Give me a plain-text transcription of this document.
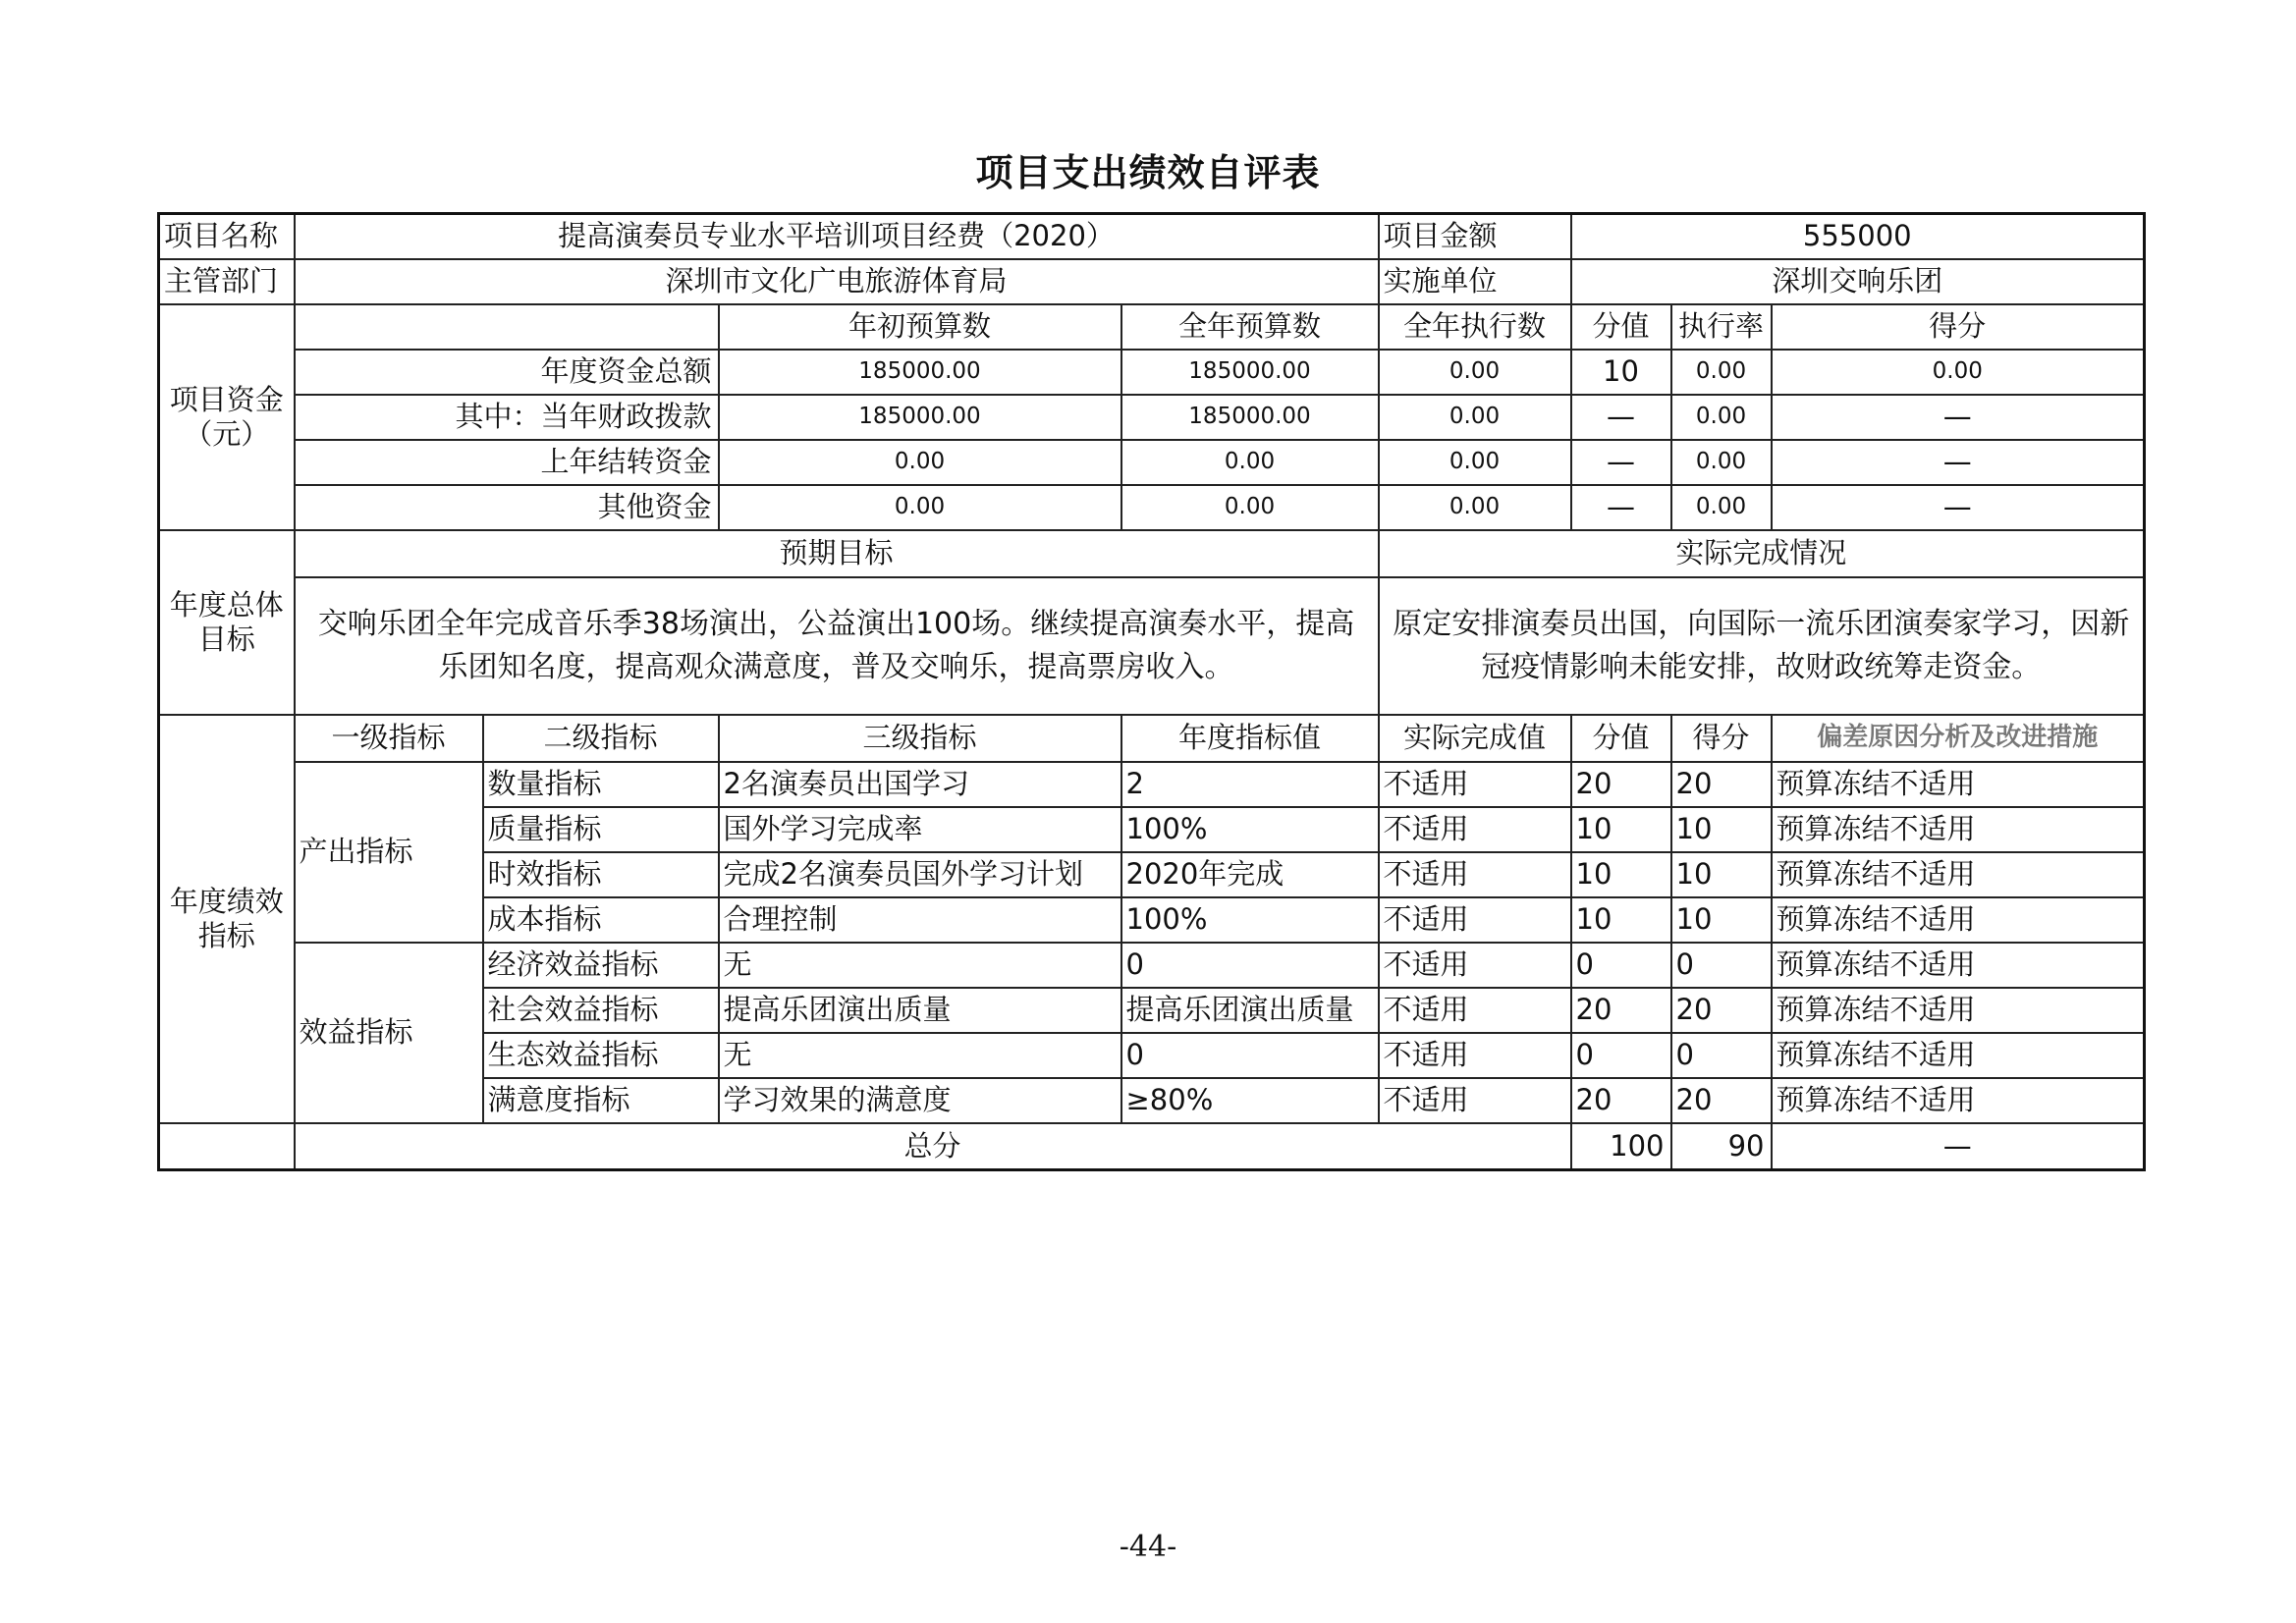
项目支出绩效自评表
项目名称	提高演奏员专业水平培训项目经费（2020）				项目金额	555000		
主管部门	深圳市文化广电旅游体育局				实施单位	深圳交响乐团		
项目资金（元）			年初预算数	全年预算数	全年执行数	分值	执行率	得分
	年度资金总额		185000.00	185000.00	0.00	10	0.00	0.00
	其中：当年财政拨款		185000.00	185000.00	0.00	—	0.00	—
	上年结转资金		0.00	0.00	0.00	—	0.00	—
	其他资金		0.00	0.00	0.00	—	0.00	—
年度总体目标	预期目标				实际完成情况			
	交响乐团全年完成音乐季38场演出，公益演出100场。继续提高演奏水平，提高乐团知名度，提高观众满意度，普及交响乐，提高票房收入。				原定安排演奏员出国，向国际一流乐团演奏家学习，因新冠疫情影响未能安排，故财政统筹走资金。			
年度绩效指标	一级指标	二级指标	三级指标	年度指标值	实际完成值	分值	得分	偏差原因分析及改进措施
	产出指标	数量指标	2名演奏员出国学习	2	不适用	20	20	预算冻结不适用
		质量指标	国外学习完成率	100%	不适用	10	10	预算冻结不适用
		时效指标	完成2名演奏员国外学习计划	2020年完成	不适用	10	10	预算冻结不适用
		成本指标	合理控制	100%	不适用	10	10	预算冻结不适用
	效益指标	经济效益指标	无	0	不适用	0	0	预算冻结不适用
		社会效益指标	提高乐团演出质量	提高乐团演出质量	不适用	20	20	预算冻结不适用
		生态效益指标	无	0	不适用	0	0	预算冻结不适用
		满意度指标	学习效果的满意度	≥80%	不适用	20	20	预算冻结不适用
	总分					100	90	—
-44-
